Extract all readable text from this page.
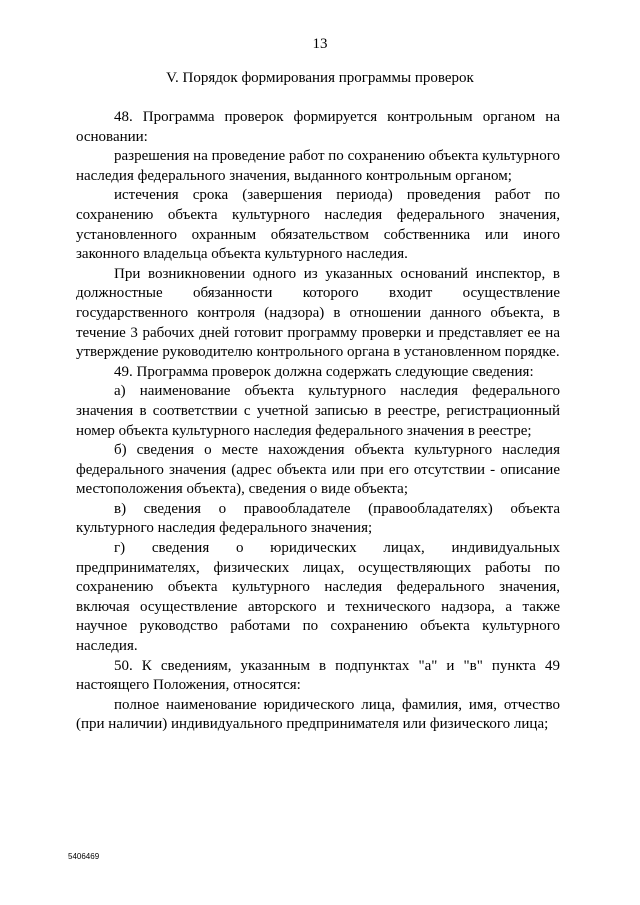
13
V. Порядок формирования программы проверок

48. Программа проверок формируется контрольным органом на основании:

разрешения на проведение работ по сохранению объекта культурного наследия федерального значения, выданного контрольным органом;

истечения срока (завершения периода) проведения работ по сохранению объекта культурного наследия федерального значения, установленного охранным обязательством собственника или иного законного владельца объекта культурного наследия.

При возникновении одного из указанных оснований инспектор, в должностные обязанности которого входит осуществление государственного контроля (надзора) в отношении данного объекта, в течение 3 рабочих дней готовит программу проверки и представляет ее на утверждение руководителю контрольного органа в установленном порядке.

49. Программа проверок должна содержать следующие сведения:

а) наименование объекта культурного наследия федерального значения в соответствии с учетной записью в реестре, регистрационный номер объекта культурного наследия федерального значения в реестре;

б) сведения о месте нахождения объекта культурного наследия федерального значения (адрес объекта или при его отсутствии - описание местоположения объекта), сведения о виде объекта;

в) сведения о правообладателе (правообладателях) объекта культурного наследия федерального значения;

г) сведения о юридических лицах, индивидуальных предпринимателях, физических лицах, осуществляющих работы по сохранению объекта культурного наследия федерального значения, включая осуществление авторского и технического надзора, а также научное руководство работами по сохранению объекта культурного наследия.

50. К сведениям, указанным в подпунктах "а" и "в" пункта 49 настоящего Положения, относятся:

полное наименование юридического лица, фамилия, имя, отчество (при наличии) индивидуального предпринимателя или физического лица;

5406469
